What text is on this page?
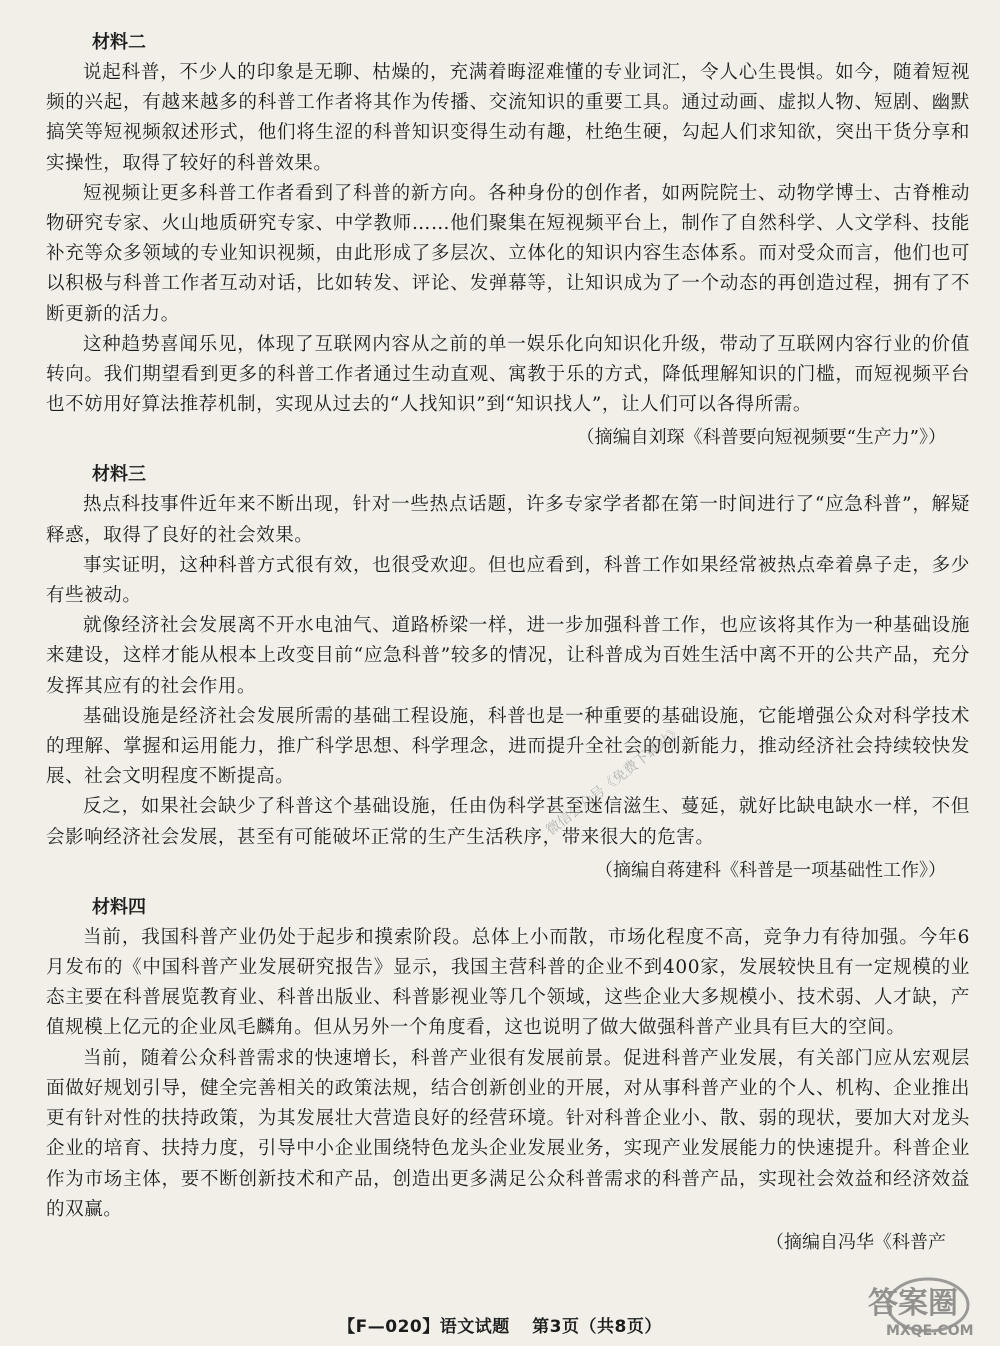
材料二

说起科普，不少人的印象是无聊、枯燥的，充满着晦涩难懂的专业词汇，令人心生畏惧。如今，随着短视频的兴起，有越来越多的科普工作者将其作为传播、交流知识的重要工具。通过动画、虚拟人物、短剧、幽默搞笑等短视频叙述形式，他们将生涩的科普知识变得生动有趣，杜绝生硬，勾起人们求知欲，突出干货分享和实操性，取得了较好的科普效果。

短视频让更多科普工作者看到了科普的新方向。各种身份的创作者，如两院院士、动物学博士、古脊椎动物研究专家、火山地质研究专家、中学教师……他们聚集在短视频平台上，制作了自然科学、人文学科、技能补充等众多领域的专业知识视频，由此形成了多层次、立体化的知识内容生态体系。而对受众而言，他们也可以积极与科普工作者互动对话，比如转发、评论、发弹幕等，让知识成为了一个动态的再创造过程，拥有了不断更新的活力。

这种趋势喜闻乐见，体现了互联网内容从之前的单一娱乐化向知识化升级，带动了互联网内容行业的价值转向。我们期望看到更多的科普工作者通过生动直观、寓教于乐的方式，降低理解知识的门槛，而短视频平台也不妨用好算法推荐机制，实现从过去的“人找知识”到“知识找人”，让人们可以各得所需。

（摘编自刘琛《科普要向短视频要“生产力”》）
材料三

热点科技事件近年来不断出现，针对一些热点话题，许多专家学者都在第一时间进行了“应急科普”，解疑释惑，取得了良好的社会效果。

事实证明，这种科普方式很有效，也很受欢迎。但也应看到，科普工作如果经常被热点牵着鼻子走，多少有些被动。

就像经济社会发展离不开水电油气、道路桥梁一样，进一步加强科普工作，也应该将其作为一种基础设施来建设，这样才能从根本上改变目前“应急科普”较多的情况，让科普成为百姓生活中离不开的公共产品，充分发挥其应有的社会作用。

基础设施是经济社会发展所需的基础工程设施，科普也是一种重要的基础设施，它能增强公众对科学技术的理解、掌握和运用能力，推广科学思想、科学理念，进而提升全社会的创新能力，推动经济社会持续较快发展、社会文明程度不断提高。

反之，如果社会缺少了科普这个基础设施，任由伪科学甚至迷信滋生、蔓延，就好比缺电缺水一样，不但会影响经济社会发展，甚至有可能破坏正常的生产生活秩序，带来很大的危害。

（摘编自蒋建科《科普是一项基础性工作》）
材料四

当前，我国科普产业仍处于起步和摸索阶段。总体上小而散，市场化程度不高，竞争力有待加强。今年6月发布的《中国科普产业发展研究报告》显示，我国主营科普的企业不到400家，发展较快且有一定规模的业态主要在科普展览教育业、科普出版业、科普影视业等几个领域，这些企业大多规模小、技术弱、人才缺，产值规模上亿元的企业凤毛麟角。但从另外一个角度看，这也说明了做大做强科普产业具有巨大的空间。

当前，随着公众科普需求的快速增长，科普产业很有发展前景。促进科普产业发展，有关部门应从宏观层面做好规划引导，健全完善相关的政策法规，结合创新创业的开展，对从事科普产业的个人、机构、企业推出更有针对性的扶持政策，为其发展壮大营造良好的经营环境。针对科普企业小、散、弱的现状，要加大对龙头企业的培育、扶持力度，引导中小企业围绕特色龙头企业发展业务，实现产业发展能力的快速提升。科普企业作为市场主体，要不断创新技术和产品，创造出更多满足公众科普需求的科普产品，实现社会效益和经济效益的双赢。

（摘编自冯华《科普产
微信公众号《免费下载站》
答案圈
MXQE.COM
【F—020】语文试题 第3页（共8页）
